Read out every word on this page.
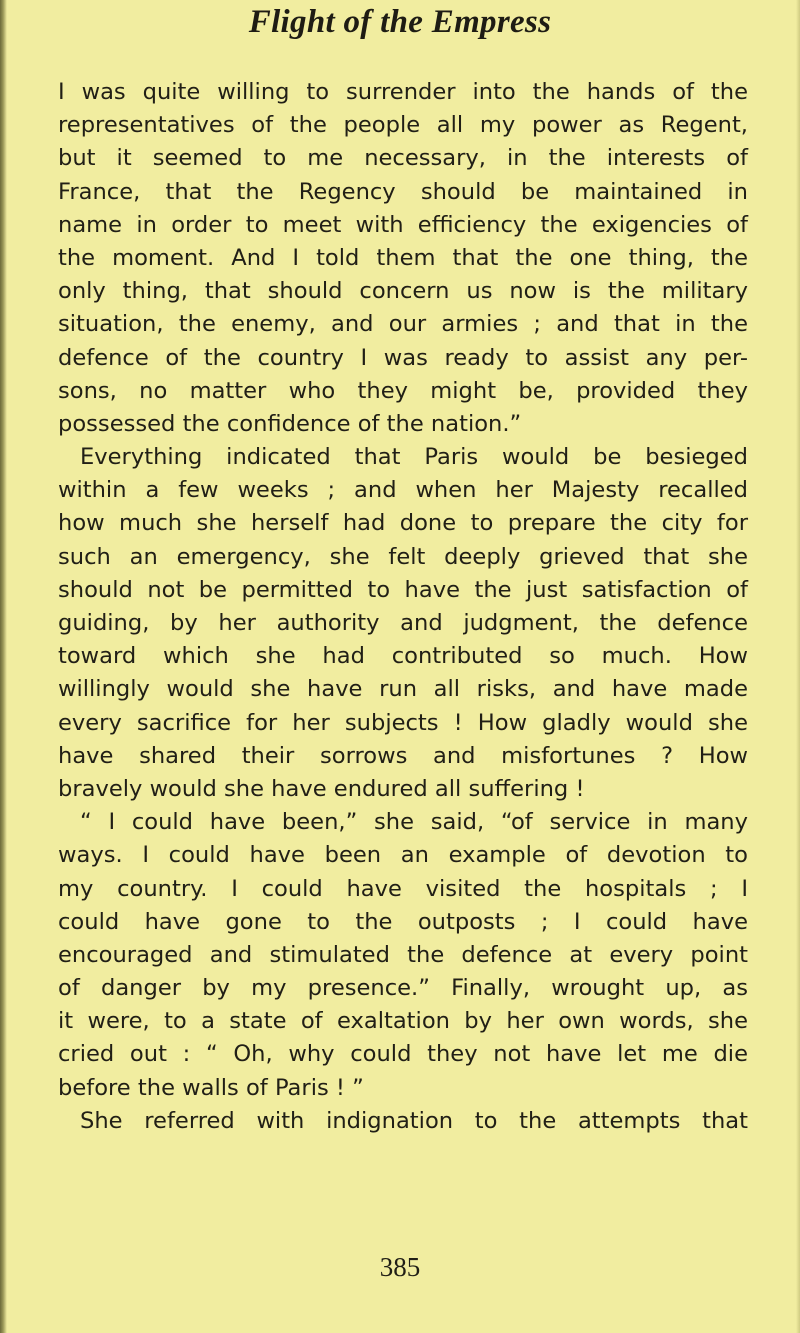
Flight of the Empress
I was quite willing to surrender into the hands of the
representatives of the people all my power as Regent,
but it seemed to me necessary, in the interests of
France, that the Regency should be maintained in
name in order to meet with efficiency the exigencies of
the moment. And I told them that the one thing, the
only thing, that should concern us now is the military
situation, the enemy, and our armies ; and that in the
defence of the country I was ready to assist any per-
sons, no matter who they might be, provided they
possessed the confidence of the nation.”
Everything indicated that Paris would be besieged
within a few weeks ; and when her Majesty recalled
how much she herself had done to prepare the city for
such an emergency, she felt deeply grieved that she
should not be permitted to have the just satisfaction of
guiding, by her authority and judgment, the defence
toward which she had contributed so much. How
willingly would she have run all risks, and have made
every sacrifice for her subjects ! How gladly would she
have shared their sorrows and misfortunes ? How
bravely would she have endured all suffering !
“ I could have been,” she said, “of service in many
ways. I could have been an example of devotion to
my country. I could have visited the hospitals ; I
could have gone to the outposts ; I could have
encouraged and stimulated the defence at every point
of danger by my presence.” Finally, wrought up, as
it were, to a state of exaltation by her own words, she
cried out : “ Oh, why could they not have let me die
before the walls of Paris ! ”
She referred with indignation to the attempts that
385
